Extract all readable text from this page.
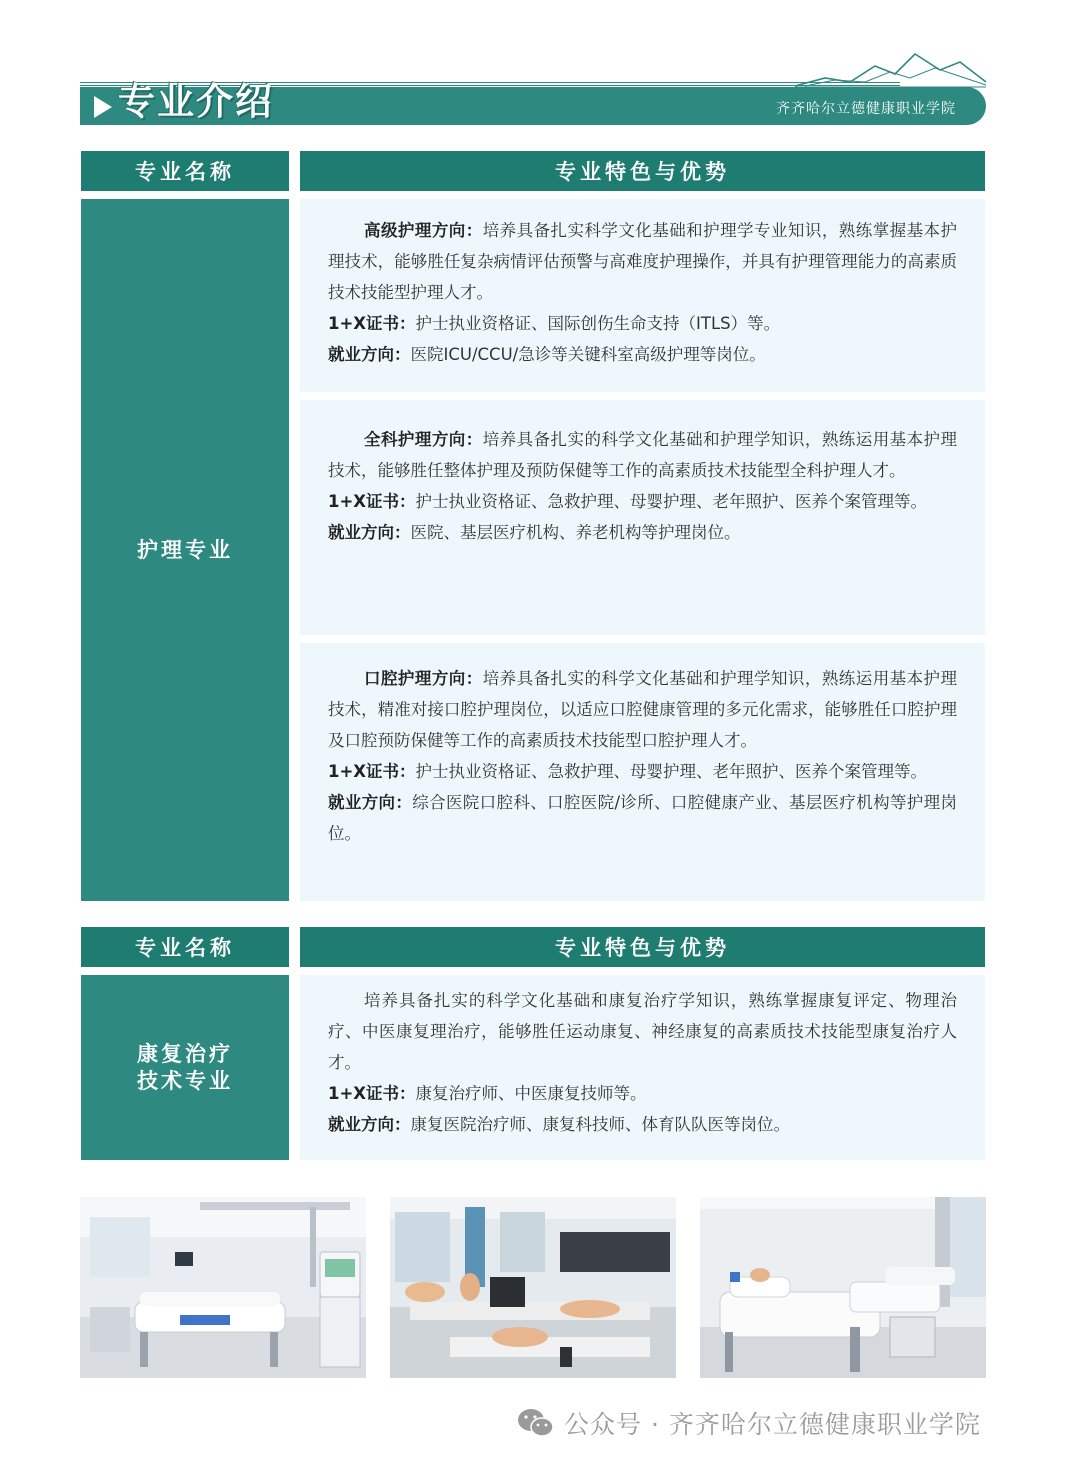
专业介绍	齐齐哈尔立德健康职业学院
专业名称	专业特色与优势
护理专业

高级护理方向：培养具备扎实科学文化基础和护理学专业知识，熟练掌握基本护理技术，能够胜任复杂病情评估预警与高难度护理操作，并具有护理管理能力的高素质技术技能型护理人才。

1+X证书：护士执业资格证、国际创伤生命支持（ITLS）等。

就业方向：医院ICU/CCU/急诊等关键科室高级护理等岗位。

全科护理方向：培养具备扎实的科学文化基础和护理学知识，熟练运用基本护理技术，能够胜任整体护理及预防保健等工作的高素质技术技能型全科护理人才。

1+X证书：护士执业资格证、急救护理、母婴护理、老年照护、医养个案管理等。

就业方向：医院、基层医疗机构、养老机构等护理岗位。

口腔护理方向：培养具备扎实的科学文化基础和护理学知识，熟练运用基本护理技术，精准对接口腔护理岗位，以适应口腔健康管理的多元化需求，能够胜任口腔护理及口腔预防保健等工作的高素质技术技能型口腔护理人才。

1+X证书：护士执业资格证、急救护理、母婴护理、老年照护、医养个案管理等。

就业方向：综合医院口腔科、口腔医院/诊所、口腔健康产业、基层医疗机构等护理岗位。

专业名称	专业特色与优势
康复治疗
技术专业

培养具备扎实的科学文化基础和康复治疗学知识，熟练掌握康复评定、物理治疗、中医康复理治疗，能够胜任运动康复、神经康复的高素质技术技能型康复治疗人才。

1+X证书：康复治疗师、中医康复技师等。

就业方向：康复医院治疗师、康复科技师、体育队队医等岗位。

公众号 · 齐齐哈尔立德健康职业学院
